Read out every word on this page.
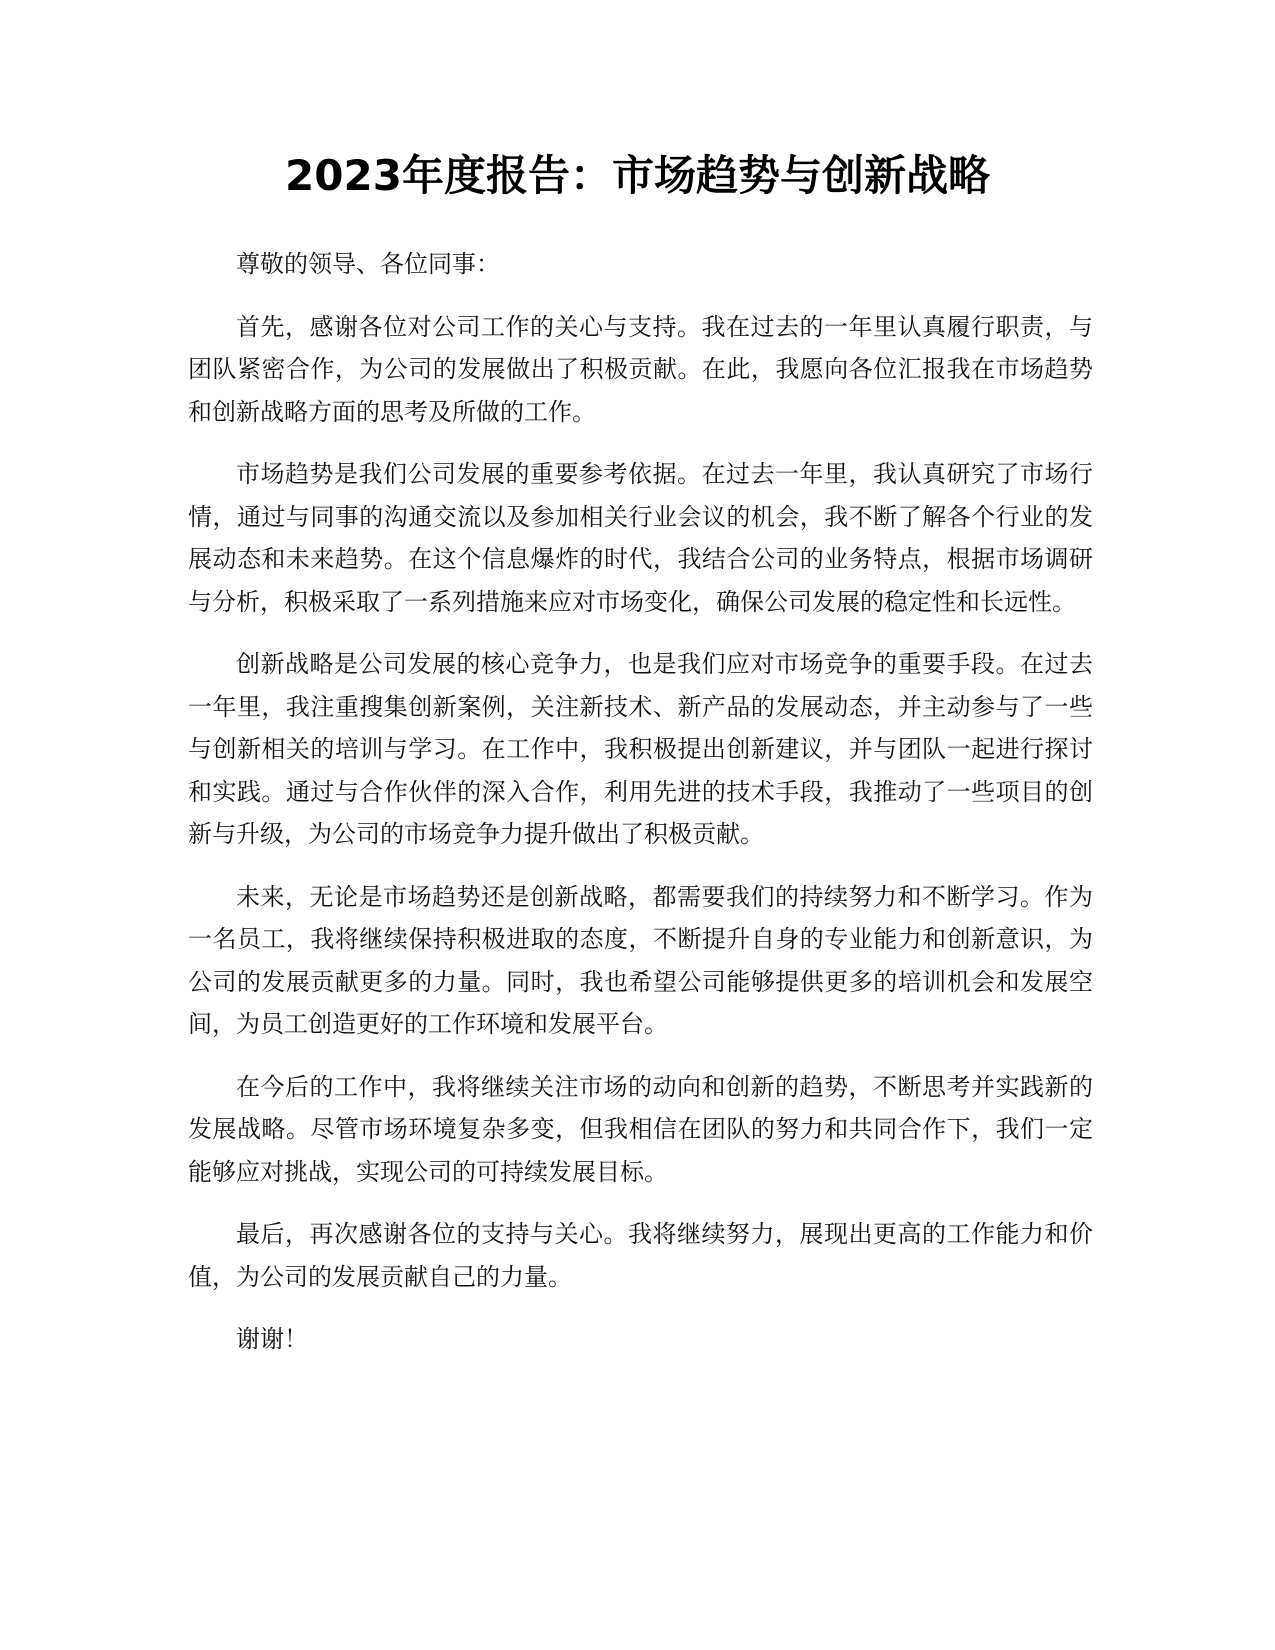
2023年度报告：市场趋势与创新战略

尊敬的领导、各位同事：

首先，感谢各位对公司工作的关心与支持。我在过去的一年里认真履行职责，与团队紧密合作，为公司的发展做出了积极贡献。在此，我愿向各位汇报我在市场趋势和创新战略方面的思考及所做的工作。

市场趋势是我们公司发展的重要参考依据。在过去一年里，我认真研究了市场行情，通过与同事的沟通交流以及参加相关行业会议的机会，我不断了解各个行业的发展动态和未来趋势。在这个信息爆炸的时代，我结合公司的业务特点，根据市场调研与分析，积极采取了一系列措施来应对市场变化，确保公司发展的稳定性和长远性。

创新战略是公司发展的核心竞争力，也是我们应对市场竞争的重要手段。在过去一年里，我注重搜集创新案例，关注新技术、新产品的发展动态，并主动参与了一些与创新相关的培训与学习。在工作中，我积极提出创新建议，并与团队一起进行探讨和实践。通过与合作伙伴的深入合作，利用先进的技术手段，我推动了一些项目的创新与升级，为公司的市场竞争力提升做出了积极贡献。

未来，无论是市场趋势还是创新战略，都需要我们的持续努力和不断学习。作为一名员工，我将继续保持积极进取的态度，不断提升自身的专业能力和创新意识，为公司的发展贡献更多的力量。同时，我也希望公司能够提供更多的培训机会和发展空间，为员工创造更好的工作环境和发展平台。

在今后的工作中，我将继续关注市场的动向和创新的趋势，不断思考并实践新的发展战略。尽管市场环境复杂多变，但我相信在团队的努力和共同合作下，我们一定能够应对挑战，实现公司的可持续发展目标。

最后，再次感谢各位的支持与关心。我将继续努力，展现出更高的工作能力和价值，为公司的发展贡献自己的力量。

谢谢！
